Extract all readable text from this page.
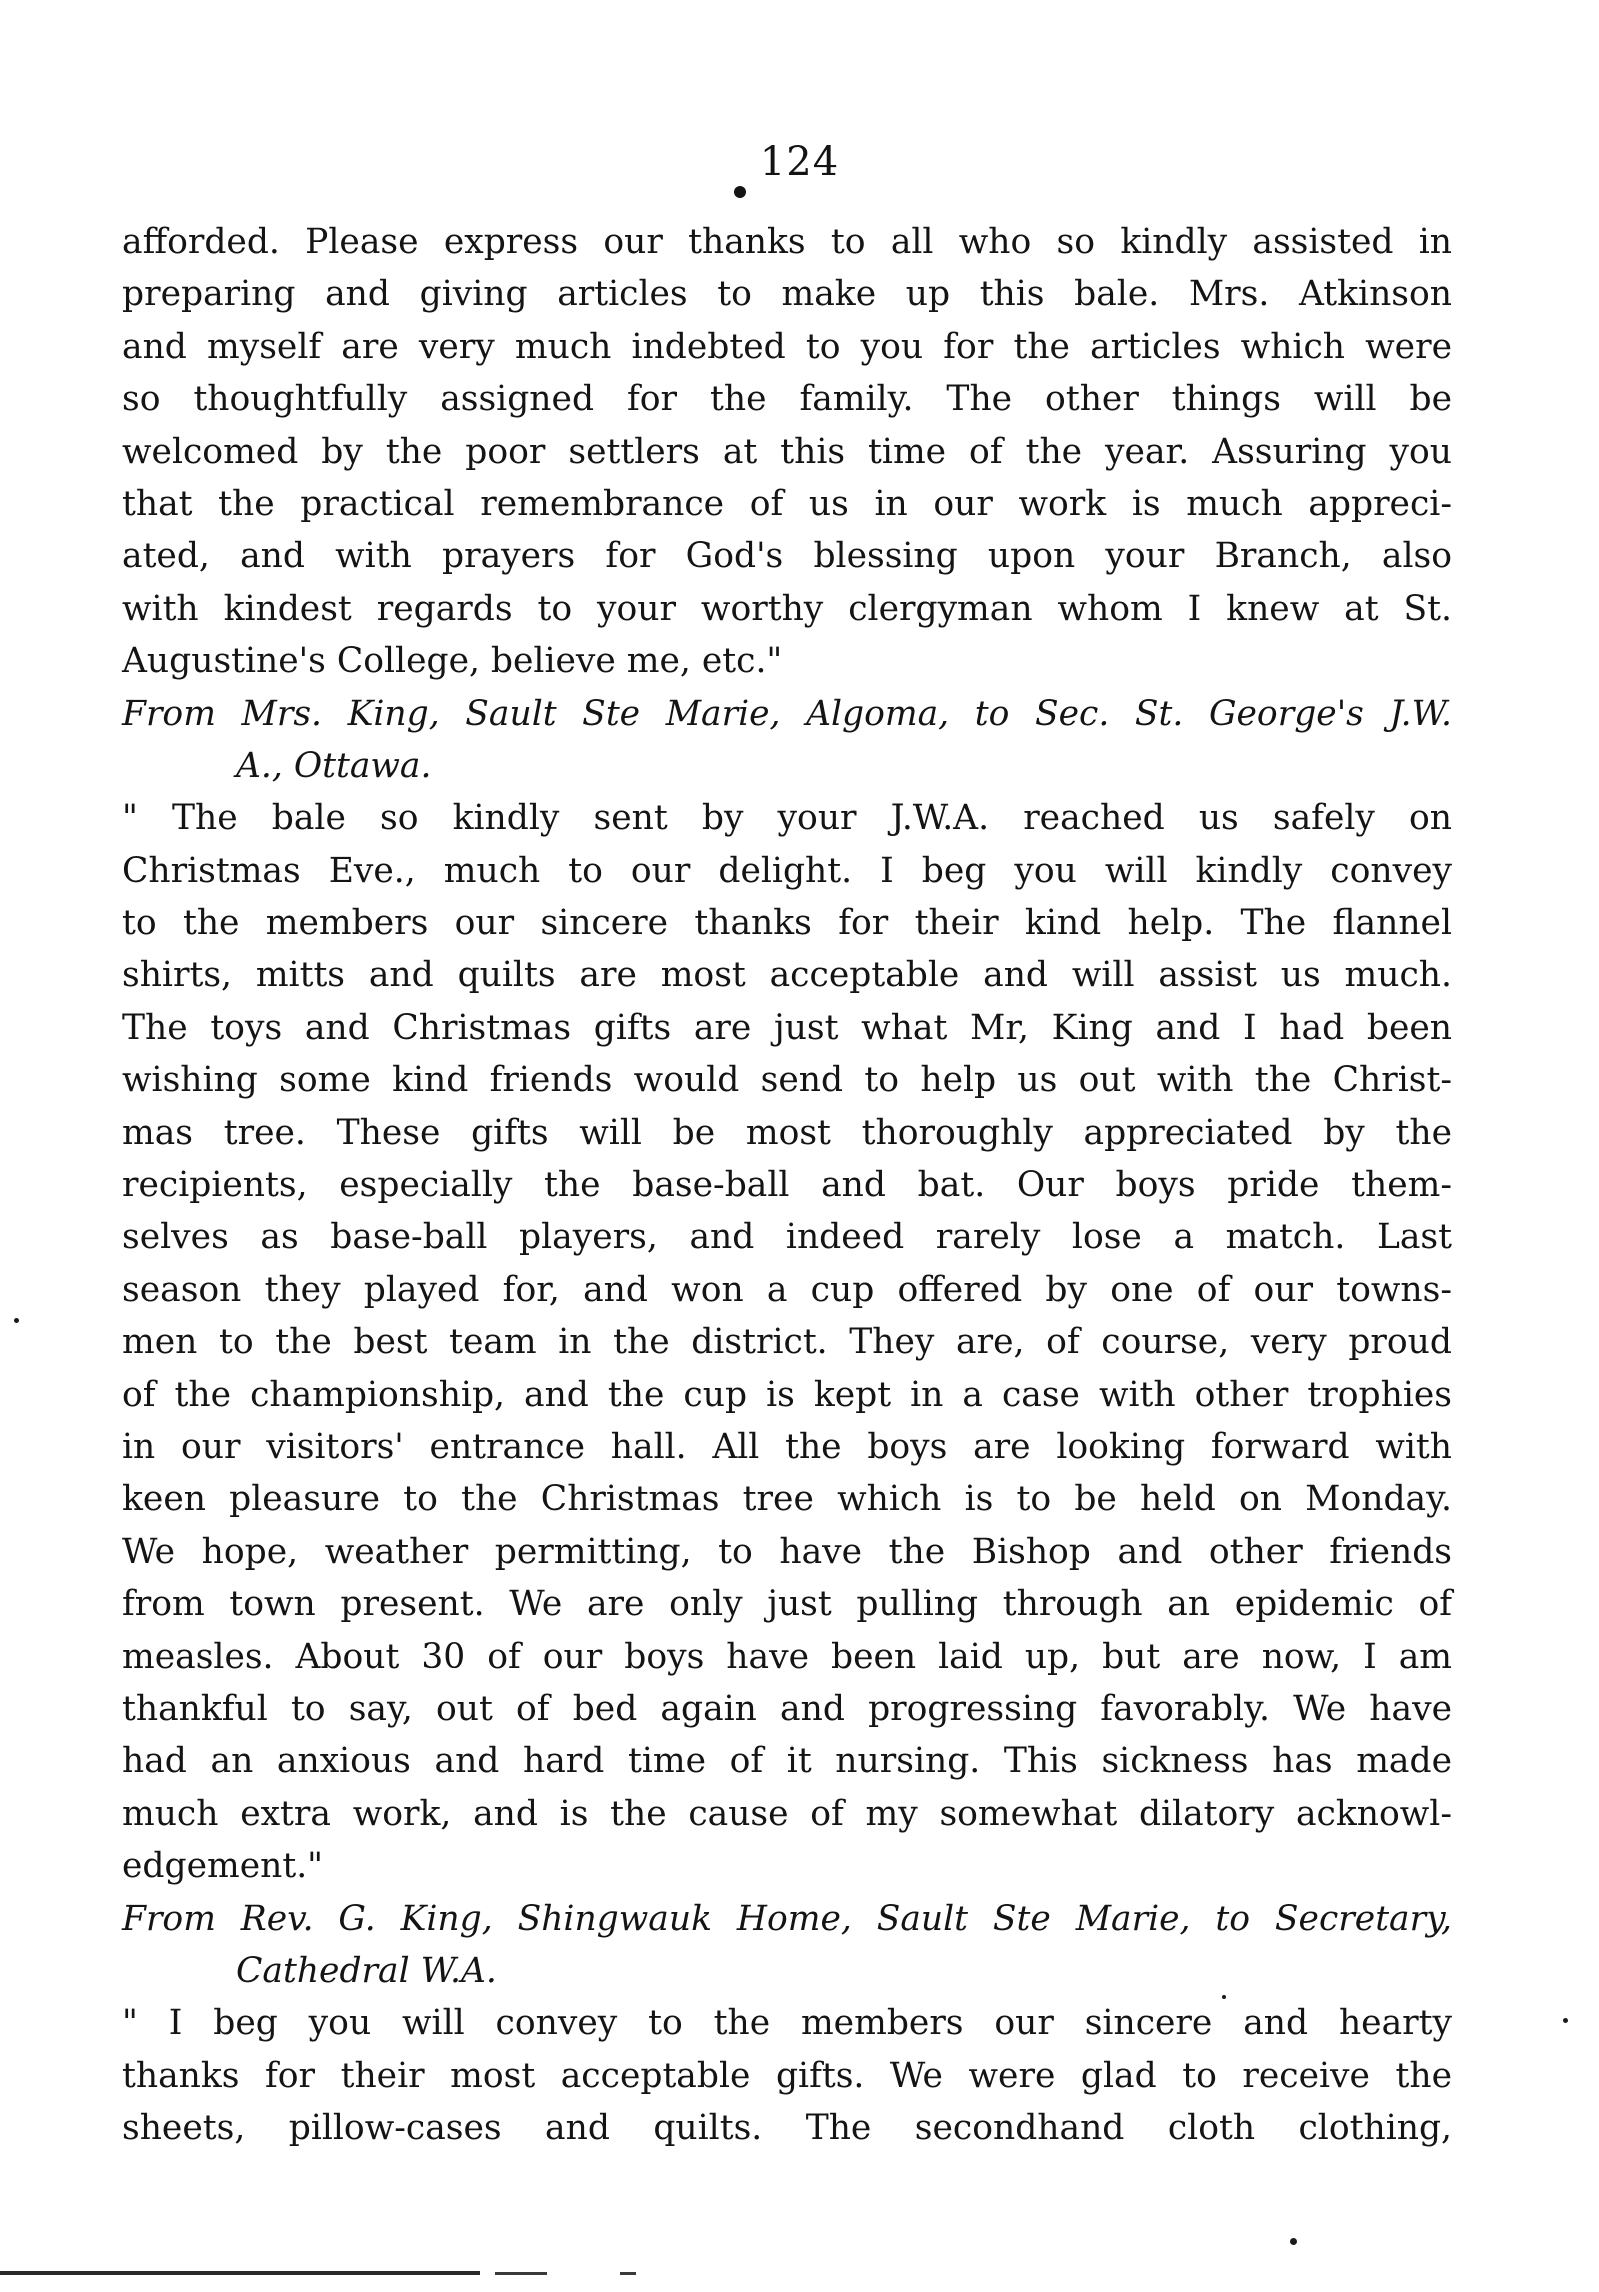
124
afforded. Please express our thanks to all who so kindly assisted in
preparing and giving articles to make up this bale. Mrs. Atkinson
and myself are very much indebted to you for the articles which were
so thoughtfully assigned for the family. The other things will be
welcomed by the poor settlers at this time of the year. Assuring you
that the practical remembrance of us in our work is much appreci-
ated, and with prayers for God's blessing upon your Branch, also
with kindest regards to your worthy clergyman whom I knew at St.
Augustine's College, believe me, etc."
From Mrs. King, Sault Ste Marie, Algoma, to Sec. St. George's J.W.
A., Ottawa.
" The bale so kindly sent by your J.W.A. reached us safely on
Christmas Eve., much to our delight. I beg you will kindly convey
to the members our sincere thanks for their kind help. The flannel
shirts, mitts and quilts are most acceptable and will assist us much.
The toys and Christmas gifts are just what Mr, King and I had been
wishing some kind friends would send to help us out with the Christ-
mas tree. These gifts will be most thoroughly appreciated by the
recipients, especially the base-ball and bat. Our boys pride them-
selves as base-ball players, and indeed rarely lose a match. Last
season they played for, and won a cup offered by one of our towns-
men to the best team in the district. They are, of course, very proud
of the championship, and the cup is kept in a case with other trophies
in our visitors' entrance hall. All the boys are looking forward with
keen pleasure to the Christmas tree which is to be held on Monday.
We hope, weather permitting, to have the Bishop and other friends
from town present. We are only just pulling through an epidemic of
measles. About 30 of our boys have been laid up, but are now, I am
thankful to say, out of bed again and progressing favorably. We have
had an anxious and hard time of it nursing. This sickness has made
much extra work, and is the cause of my somewhat dilatory acknowl-
edgement."
From Rev. G. King, Shingwauk Home, Sault Ste Marie, to Secretary,
Cathedral W.A.
" I beg you will convey to the members our sincere and hearty
thanks for their most acceptable gifts. We were glad to receive the
sheets, pillow-cases and quilts. The secondhand cloth clothing,
